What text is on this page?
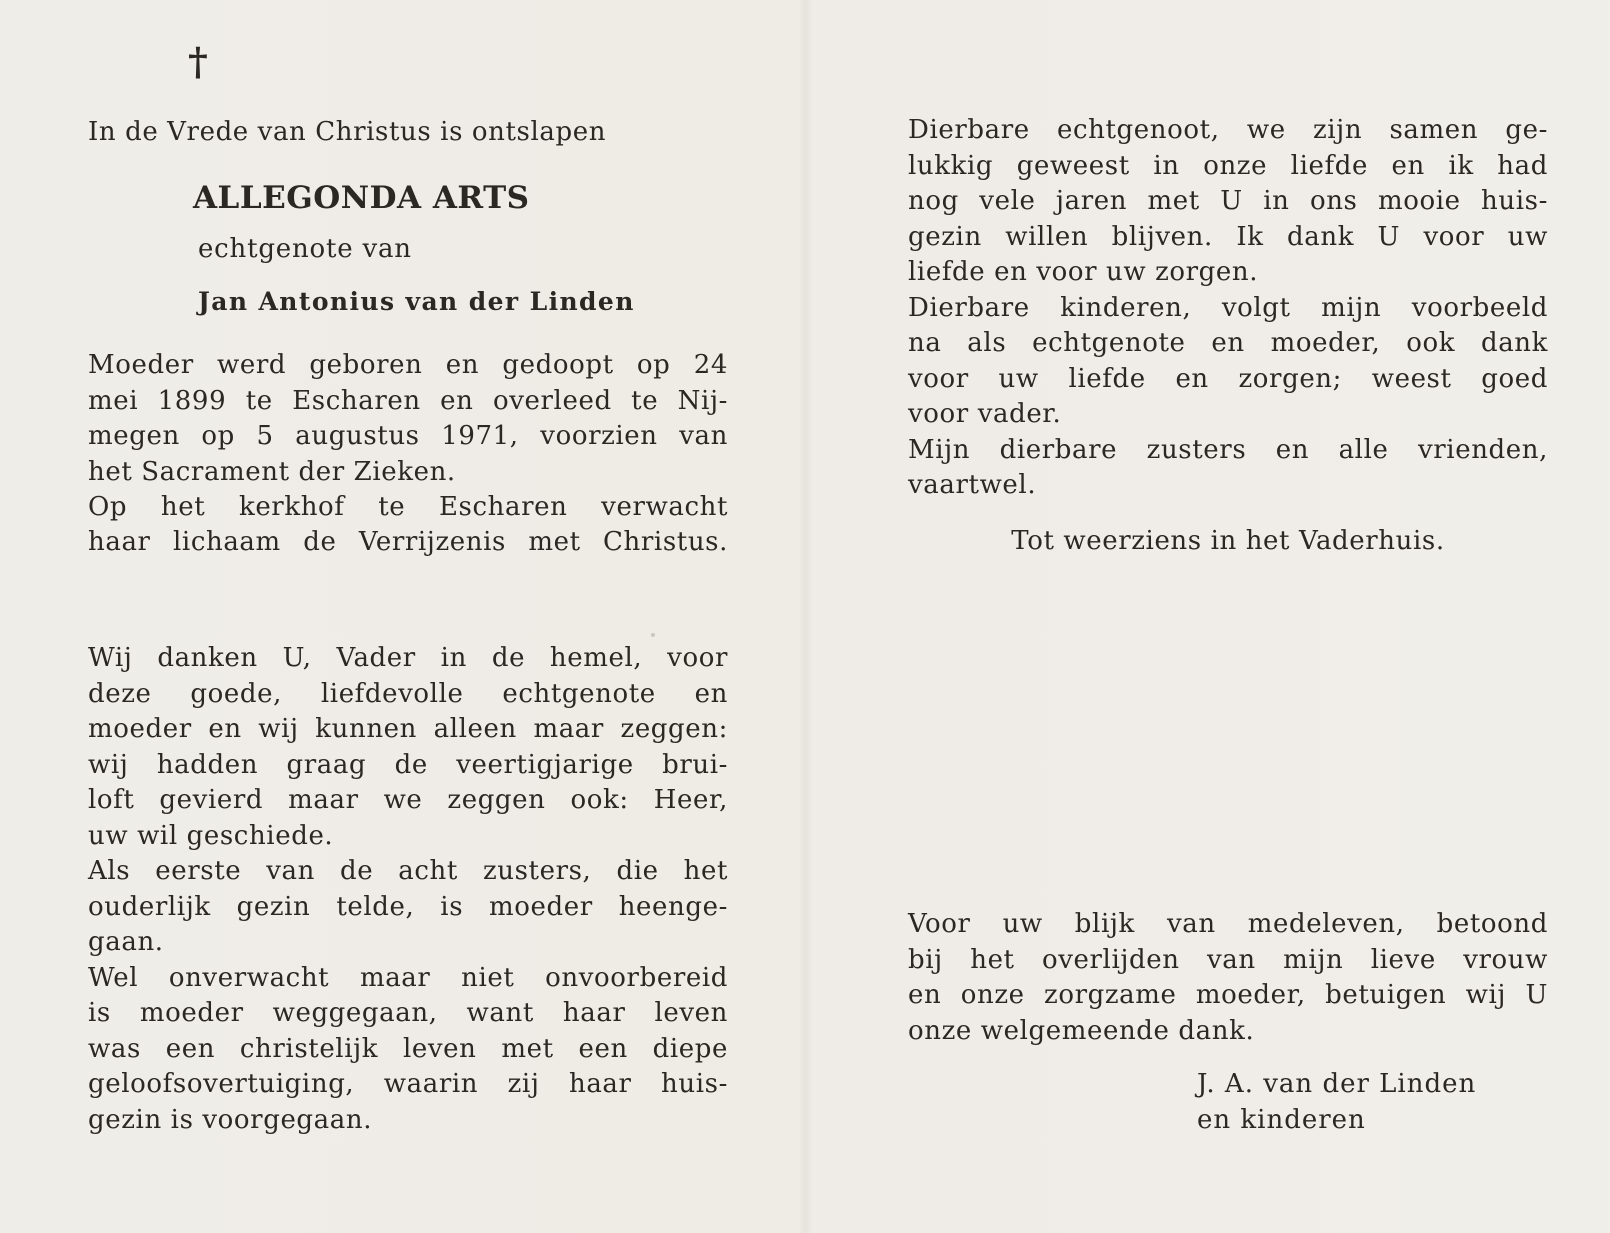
†
In de Vrede van Christus is ontslapen
ALLEGONDA ARTS
echtgenote van
Jan Antonius van der Linden
Moeder werd geboren en gedoopt op 24
mei 1899 te Escharen en overleed te Nij-
megen op 5 augustus 1971, voorzien van
het Sacrament der Zieken.
Op het kerkhof te Escharen verwacht
haar lichaam de Verrijzenis met Christus.
Wij danken U, Vader in de hemel, voor
deze goede, liefdevolle echtgenote en
moeder en wij kunnen alleen maar zeggen:
wij hadden graag de veertigjarige brui-
loft gevierd maar we zeggen ook: Heer,
uw wil geschiede.
Als eerste van de acht zusters, die het
ouderlijk gezin telde, is moeder heenge-
gaan.
Wel onverwacht maar niet onvoorbereid
is moeder weggegaan, want haar leven
was een christelijk leven met een diepe
geloofsovertuiging, waarin zij haar huis-
gezin is voorgegaan.
Dierbare echtgenoot, we zijn samen ge-
lukkig geweest in onze liefde en ik had
nog vele jaren met U in ons mooie huis-
gezin willen blijven. Ik dank U voor uw
liefde en voor uw zorgen.
Dierbare kinderen, volgt mijn voorbeeld
na als echtgenote en moeder, ook dank
voor uw liefde en zorgen; weest goed
voor vader.
Mijn dierbare zusters en alle vrienden,
vaartwel.
Tot weerziens in het Vaderhuis.
Voor uw blijk van medeleven, betoond
bij het overlijden van mijn lieve vrouw
en onze zorgzame moeder, betuigen wij U
onze welgemeende dank.
J. A. van der Linden
en kinderen
